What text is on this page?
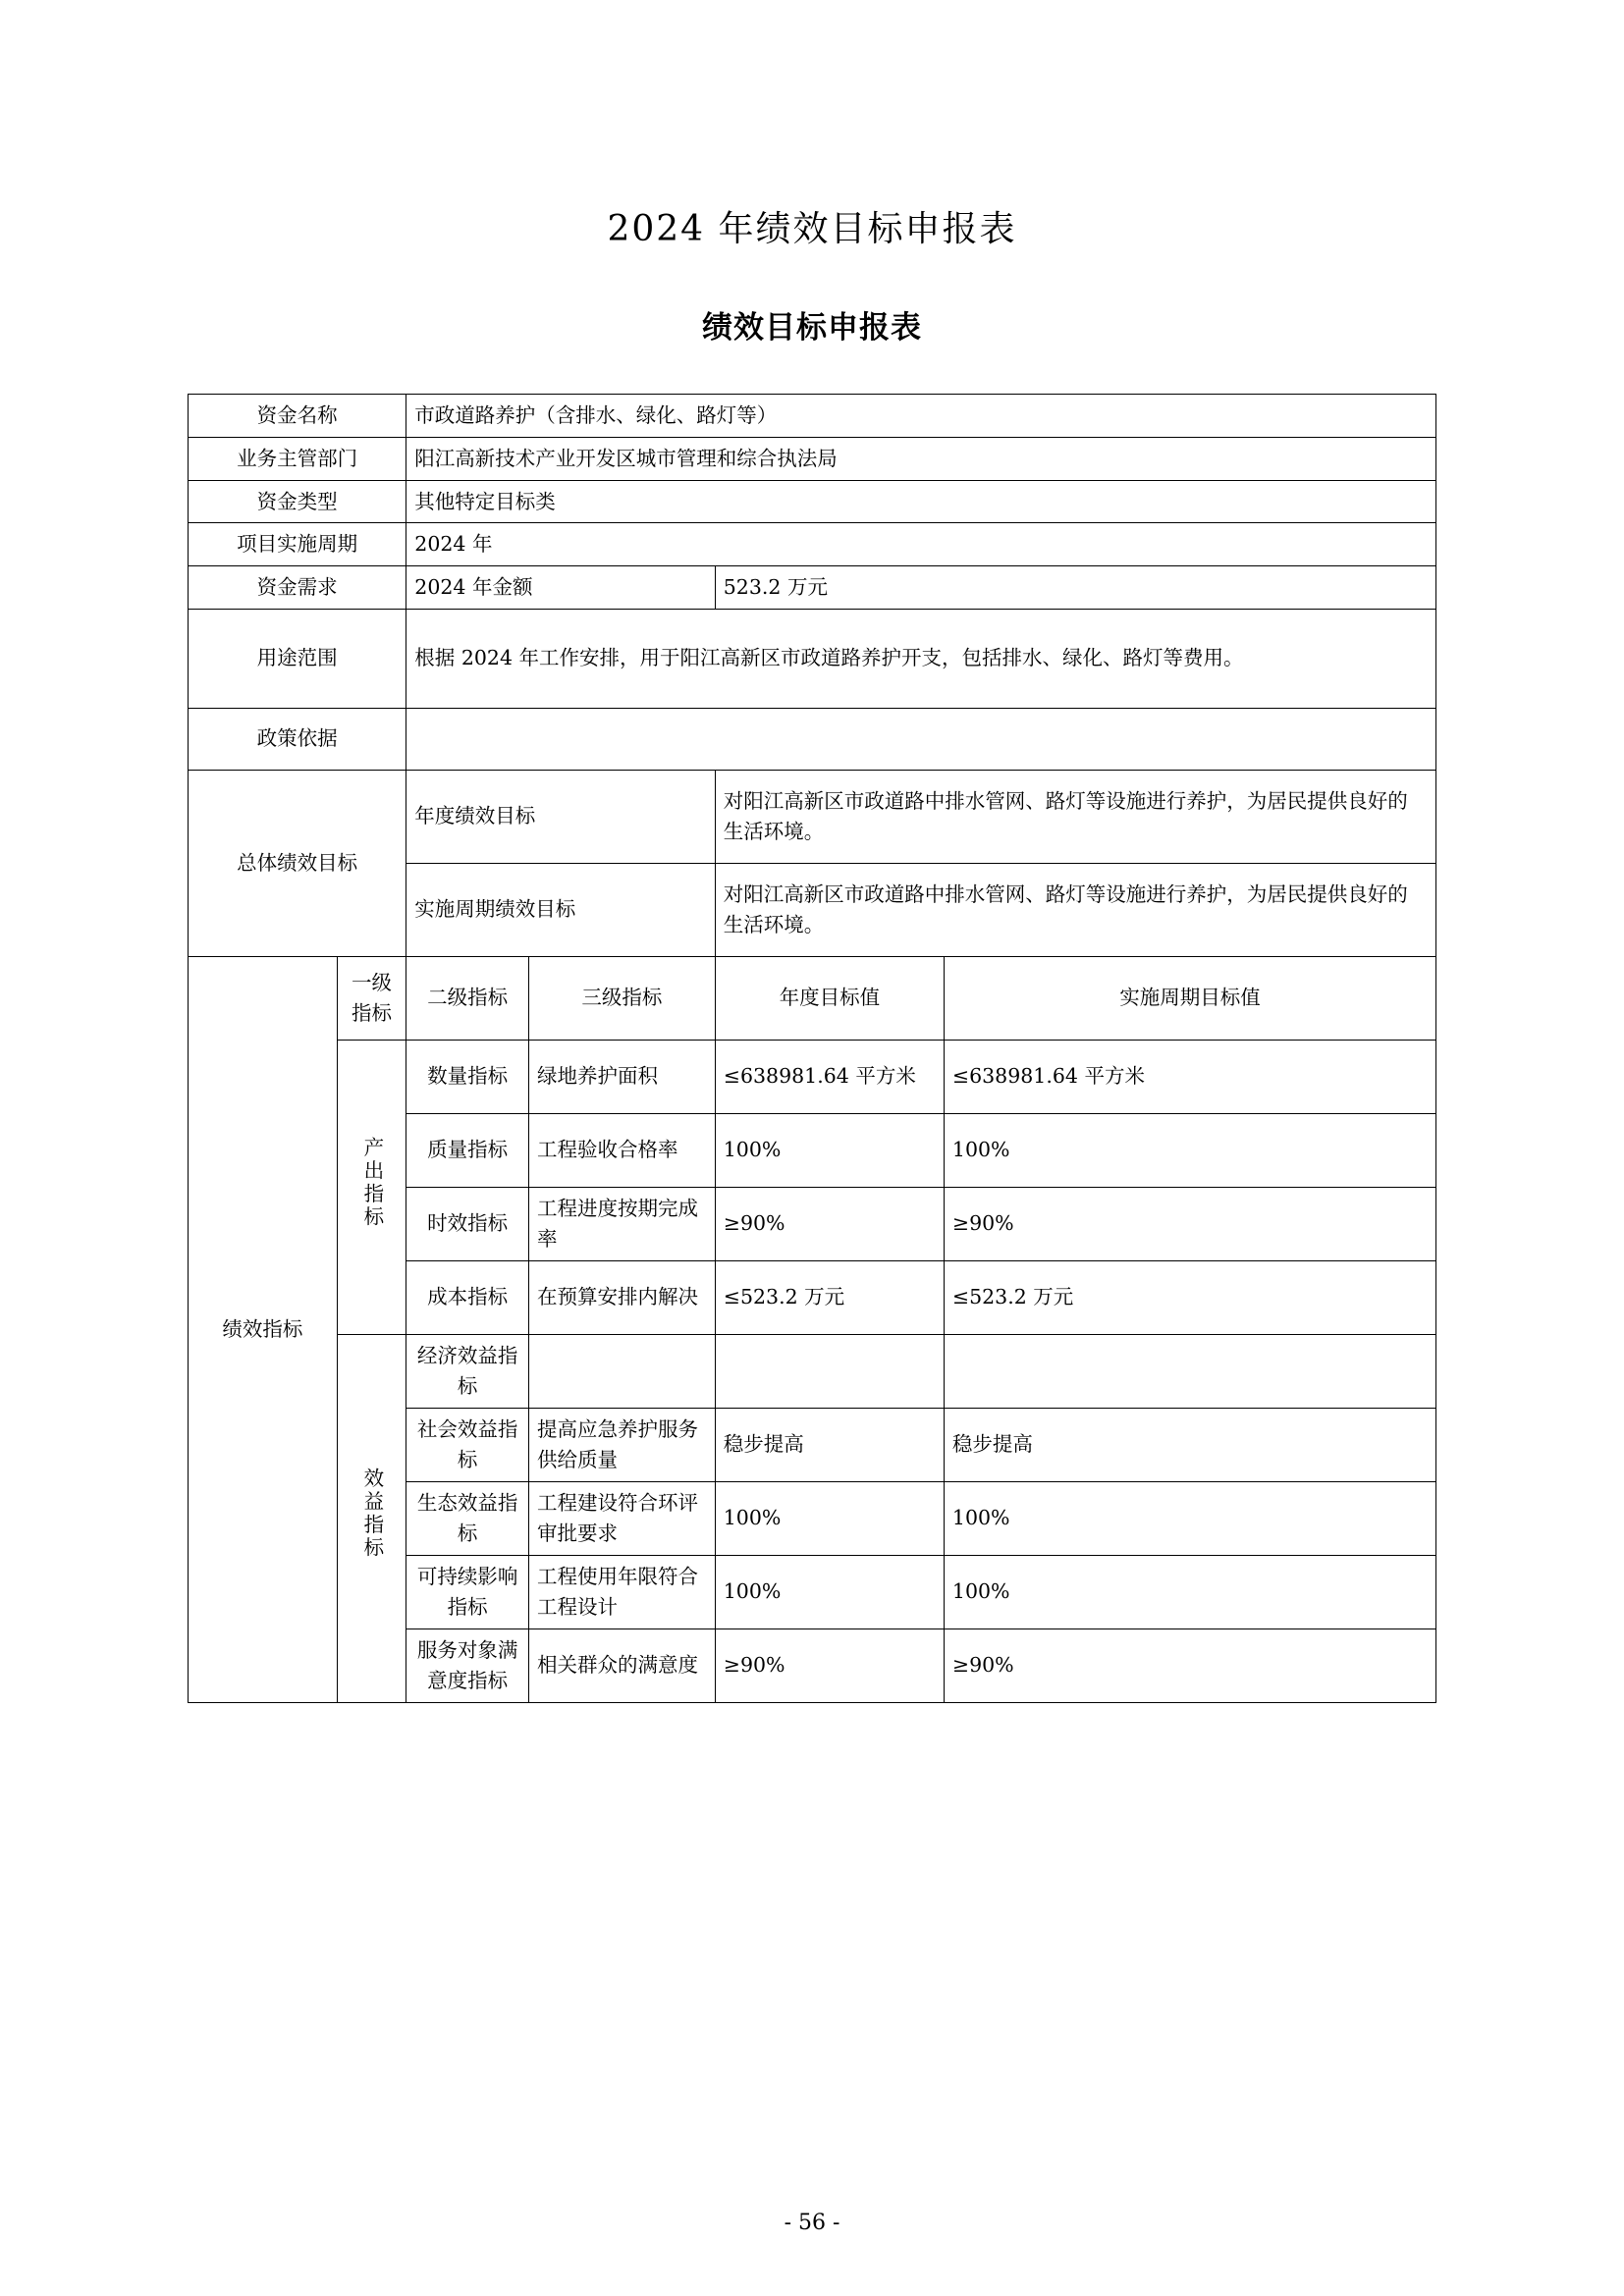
2024 年绩效目标申报表
绩效目标申报表
资金名称		市政道路养护（含排水、绿化、路灯等）			
业务主管部门		阳江高新技术产业开发区城市管理和综合执法局			
资金类型		其他特定目标类			
项目实施周期		2024 年			
资金需求		2024 年金额		523.2 万元	
用途范围		根据 2024 年工作安排，用于阳江高新区市政道路养护开支，包括排水、绿化、路灯等费用。			
政策依据					
总体绩效目标		年度绩效目标		对阳江高新区市政道路中排水管网、路灯等设施进行养护，为居民提供良好的生活环境。	
		实施周期绩效目标		对阳江高新区市政道路中排水管网、路灯等设施进行养护，为居民提供良好的生活环境。	
绩效指标	一级指标	二级指标	三级指标	年度目标值	实施周期目标值
	产出指标	数量指标	绿地养护面积	≤638981.64 平方米	≤638981.64 平方米
		质量指标	工程验收合格率	100%	100%
		时效指标	工程进度按期完成率	≥90%	≥90%
		成本指标	在预算安排内解决	≤523.2 万元	≤523.2 万元
	效益指标	经济效益指标			
		社会效益指标	提高应急养护服务供给质量	稳步提高	稳步提高
		生态效益指标	工程建设符合环评审批要求	100%	100%
		可持续影响指标	工程使用年限符合工程设计	100%	100%
		服务对象满意度指标	相关群众的满意度	≥90%	≥90%
- 56 -
